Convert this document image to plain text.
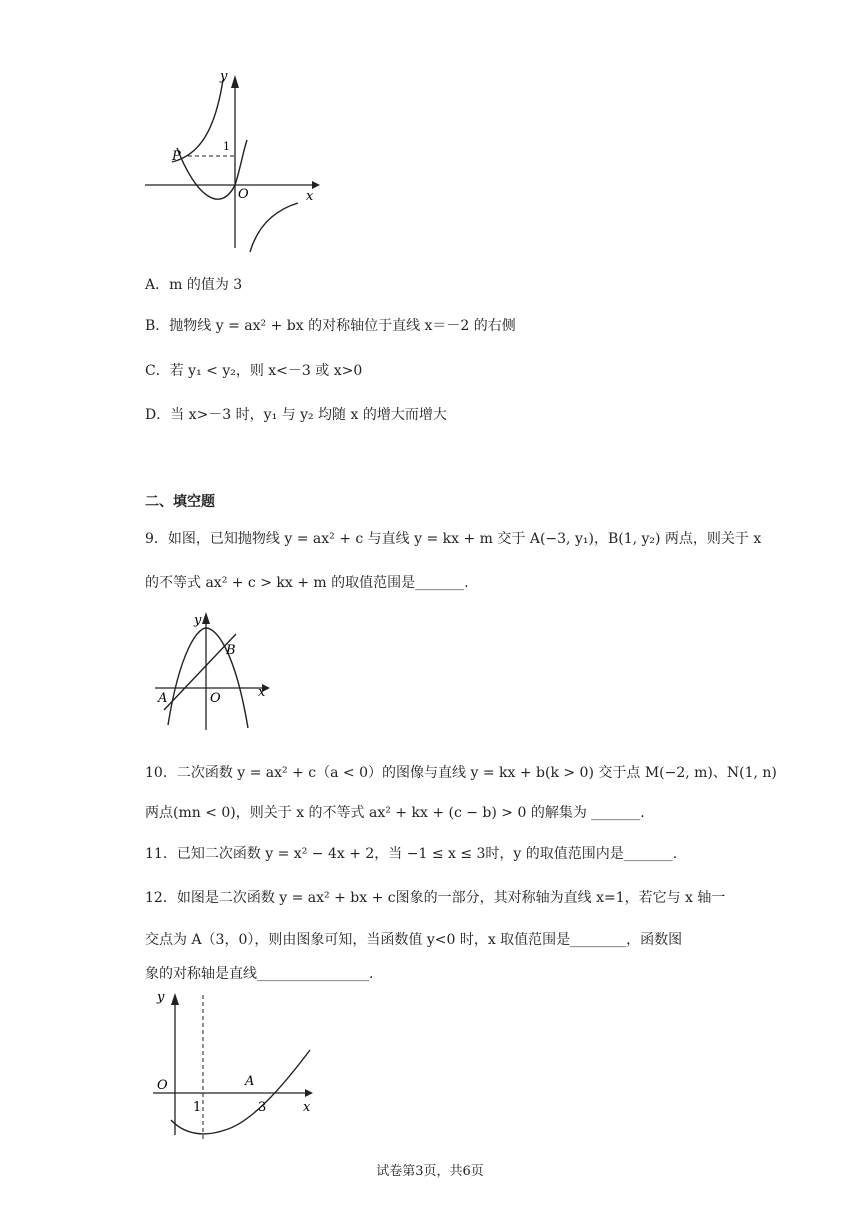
y
x
O
P
1
A．m 的值为 3
B．抛物线 y = ax² + bx 的对称轴位于直线 x＝－2 的右侧
C．若 y₁ < y₂，则 x<－3 或 x>0
D．当 x>－3 时，y₁ 与 y₂ 均随 x 的增大而增大
二、填空题
9．如图，已知抛物线 y = ax² + c 与直线 y = kx + m 交于 A(−3, y₁)，B(1, y₂) 两点，则关于 x
的不等式 ax² + c > kx + m 的取值范围是_______.
y
x
O
A
B
10．二次函数 y = ax² + c（a < 0）的图像与直线 y = kx + b(k > 0) 交于点 M(−2, m)、N(1, n)
两点(mn < 0)，则关于 x 的不等式 ax² + kx + (c − b) > 0 的解集为 _______.
11．已知二次函数 y = x² − 4x + 2，当 −1 ≤ x ≤ 3时，y 的取值范围内是_______.
12．如图是二次函数 y = ax² + bx + c图象的一部分，其对称轴为直线 x=1，若它与 x 轴一
交点为 A（3，0），则由图象可知，当函数值 y<0 时，x 取值范围是________，函数图
象的对称轴是直线________________.
y
x
O	A
1	3
试卷第3页，共6页
